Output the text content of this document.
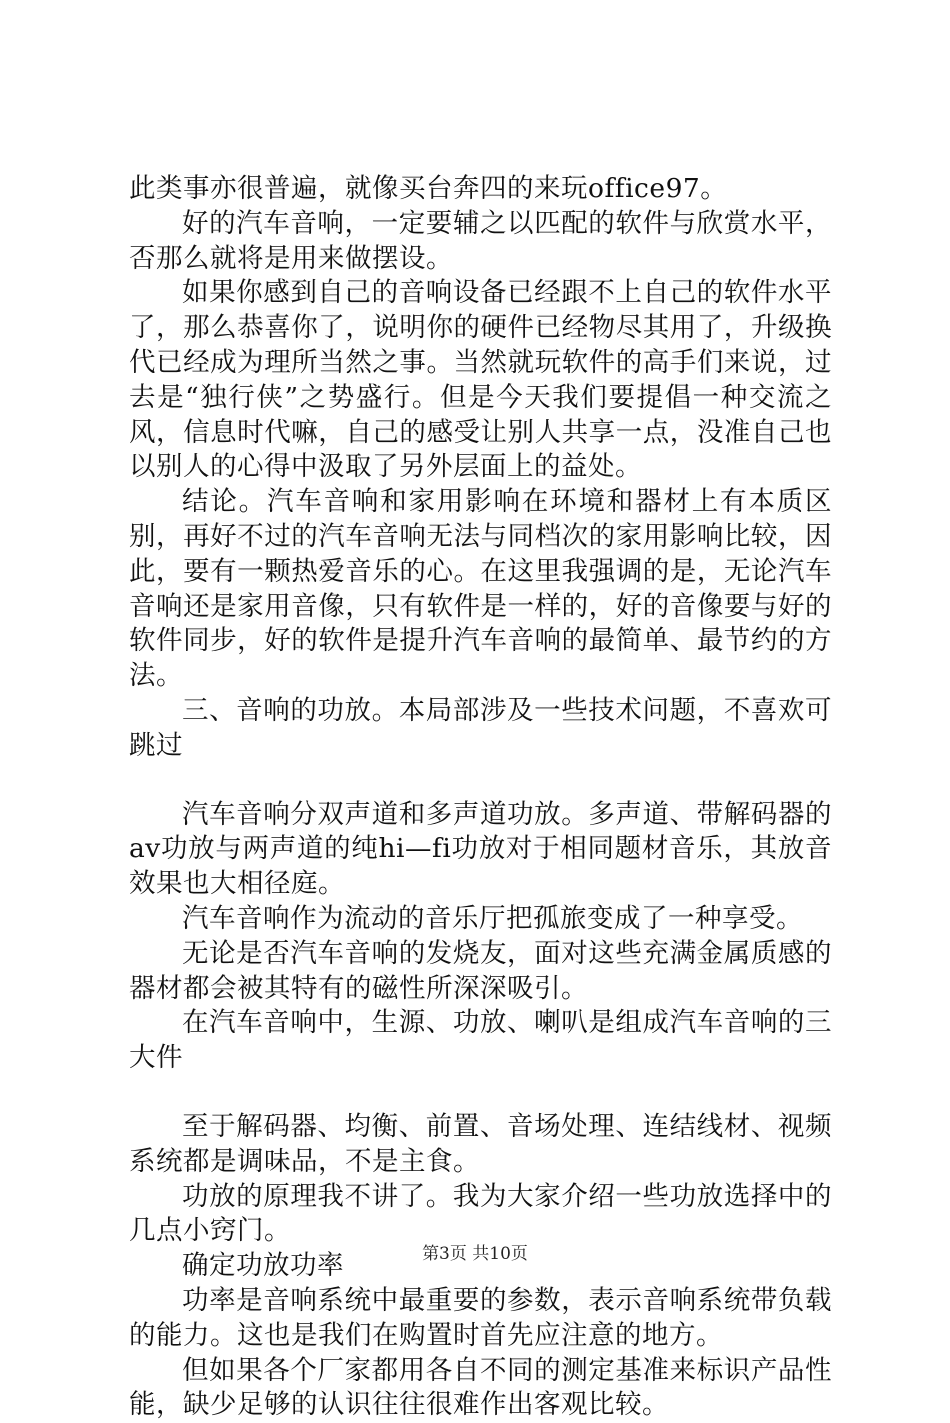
此类事亦很普遍，就像买台奔四的来玩office97。

好的汽车音响，一定要辅之以匹配的软件与欣赏水平，否那么就将是用来做摆设。

如果你感到自己的音响设备已经跟不上自己的软件水平了，那么恭喜你了，说明你的硬件已经物尽其用了，升级换代已经成为理所当然之事。当然就玩软件的高手们来说，过去是“独行侠”之势盛行。但是今天我们要提倡一种交流之风，信息时代嘛，自己的感受让别人共享一点，没准自己也以别人的心得中汲取了另外层面上的益处。

结论。汽车音响和家用影响在环境和器材上有本质区别，再好不过的汽车音响无法与同档次的家用影响比较，因此，要有一颗热爱音乐的心。在这里我强调的是，无论汽车音响还是家用音像，只有软件是一样的，好的音像要与好的软件同步，好的软件是提升汽车音响的最简单、最节约的方法。

三、音响的功放。本局部涉及一些技术问题，不喜欢可跳过

汽车音响分双声道和多声道功放。多声道、带解码器的av功放与两声道的纯hi—fi功放对于相同题材音乐，其放音效果也大相径庭。

汽车音响作为流动的音乐厅把孤旅变成了一种享受。

无论是否汽车音响的发烧友，面对这些充满金属质感的器材都会被其特有的磁性所深深吸引。

在汽车音响中，生源、功放、喇叭是组成汽车音响的三大件

至于解码器、均衡、前置、音场处理、连结线材、视频系统都是调味品，不是主食。

功放的原理我不讲了。我为大家介绍一些功放选择中的几点小窍门。

确定功放功率

功率是音响系统中最重要的参数，表示音响系统带负载的能力。这也是我们在购置时首先应注意的地方。

但如果各个厂家都用各自不同的测定基准来标识产品性能，缺少足够的认识往往很难作出客观比较。

第3页 共10页
